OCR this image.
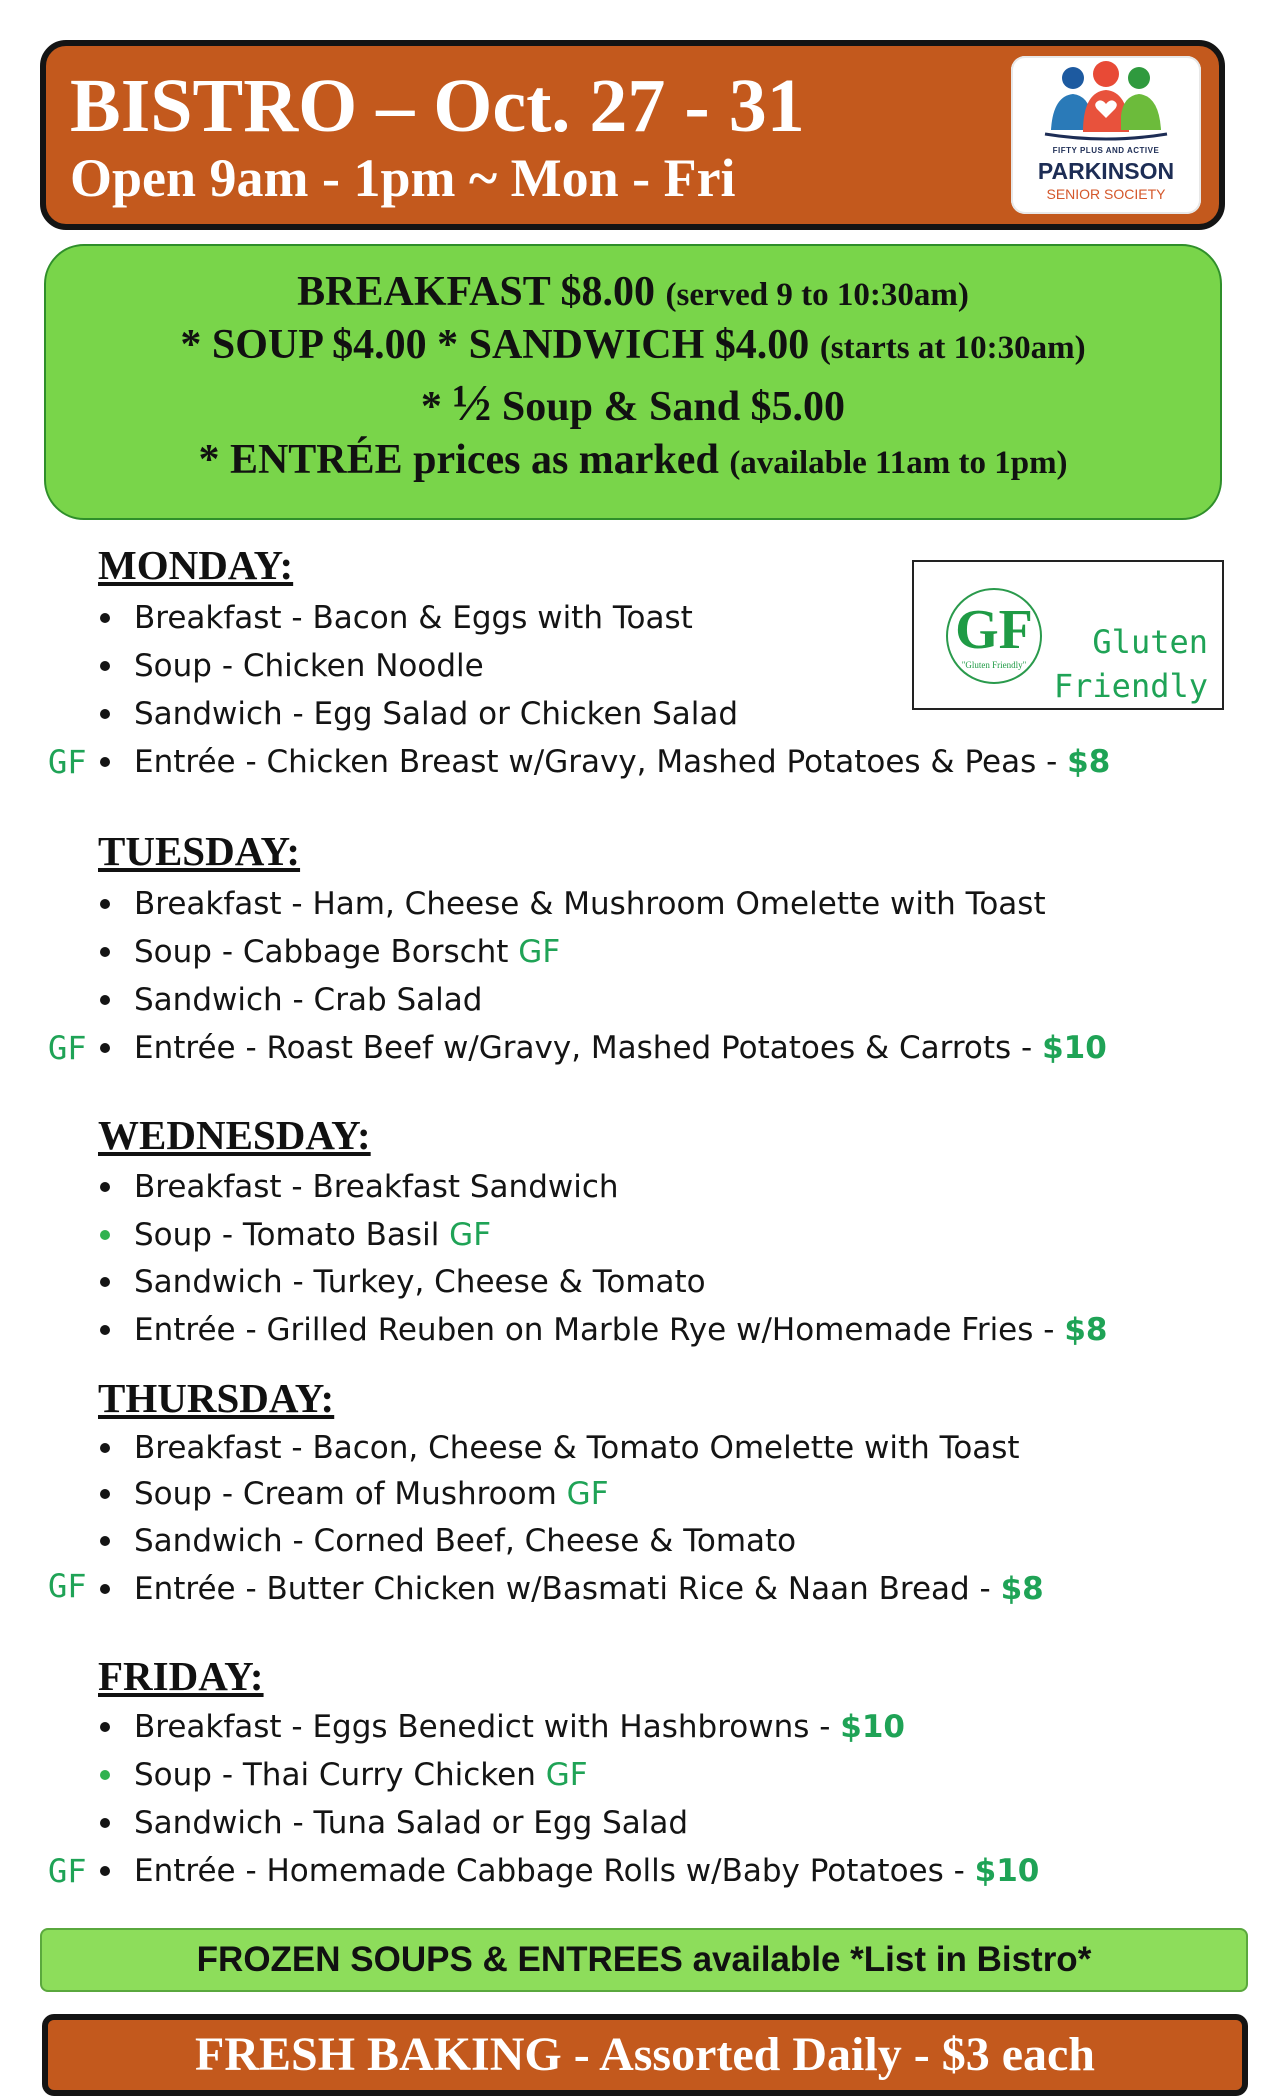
BISTRO – Oct. 27 - 31
Open 9am - 1pm ~ Mon - Fri	FIFTY PLUS AND ACTIVE
PARKINSON
SENIOR SOCIETY
BREAKFAST $8.00 (served 9 to 10:30am)
* SOUP $4.00 * SANDWICH $4.00 (starts at 10:30am)
* ½ Soup & Sand $5.00
* ENTRÉE prices as marked (available 11am to 1pm)
GF
"Gluten Friendly"
Gluten
Friendly
MONDAY:
Breakfast - Bacon & Eggs with Toast
Soup - Chicken Noodle
Sandwich - Egg Salad or Chicken Salad
GF Entrée - Chicken Breast w/Gravy, Mashed Potatoes & Peas - $8
TUESDAY:
Breakfast - Ham, Cheese & Mushroom Omelette with Toast
Soup - Cabbage Borscht GF
Sandwich - Crab Salad
GF Entrée - Roast Beef w/Gravy, Mashed Potatoes & Carrots - $10
WEDNESDAY:
Breakfast - Breakfast Sandwich
Soup - Tomato Basil GF
Sandwich - Turkey, Cheese & Tomato
Entrée - Grilled Reuben on Marble Rye w/Homemade Fries - $8
THURSDAY:
Breakfast - Bacon, Cheese & Tomato Omelette with Toast
Soup - Cream of Mushroom GF
Sandwich - Corned Beef, Cheese & Tomato
GF Entrée - Butter Chicken w/Basmati Rice & Naan Bread - $8
FRIDAY:
Breakfast - Eggs Benedict with Hashbrowns - $10
Soup - Thai Curry Chicken GF
Sandwich - Tuna Salad or Egg Salad
GF Entrée - Homemade Cabbage Rolls w/Baby Potatoes - $10
FROZEN SOUPS & ENTREES available *List in Bistro*
FRESH BAKING - Assorted Daily - $3 each
